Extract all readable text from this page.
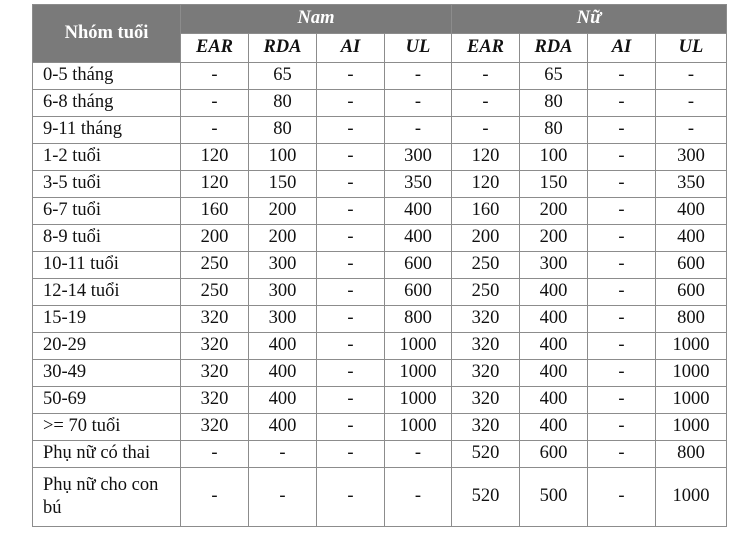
Nhóm tuổi	Nam				Nữ			
	EAR	RDA	AI	UL	EAR	RDA	AI	UL
0-5 tháng	-	65	-	-	-	65	-	-
6-8 tháng	-	80	-	-	-	80	-	-
9-11 tháng	-	80	-	-	-	80	-	-
1-2 tuổi	120	100	-	300	120	100	-	300
3-5 tuổi	120	150	-	350	120	150	-	350
6-7 tuổi	160	200	-	400	160	200	-	400
8-9 tuổi	200	200	-	400	200	200	-	400
10-11 tuổi	250	300	-	600	250	300	-	600
12-14 tuổi	250	300	-	600	250	400	-	600
15-19	320	300	-	800	320	400	-	800
20-29	320	400	-	1000	320	400	-	1000
30-49	320	400	-	1000	320	400	-	1000
50-69	320	400	-	1000	320	400	-	1000
>= 70 tuổi	320	400	-	1000	320	400	-	1000
Phụ nữ có thai	-	-	-	-	520	600	-	800
Phụ nữ cho con bú	-	-	-	-	520	500	-	1000
